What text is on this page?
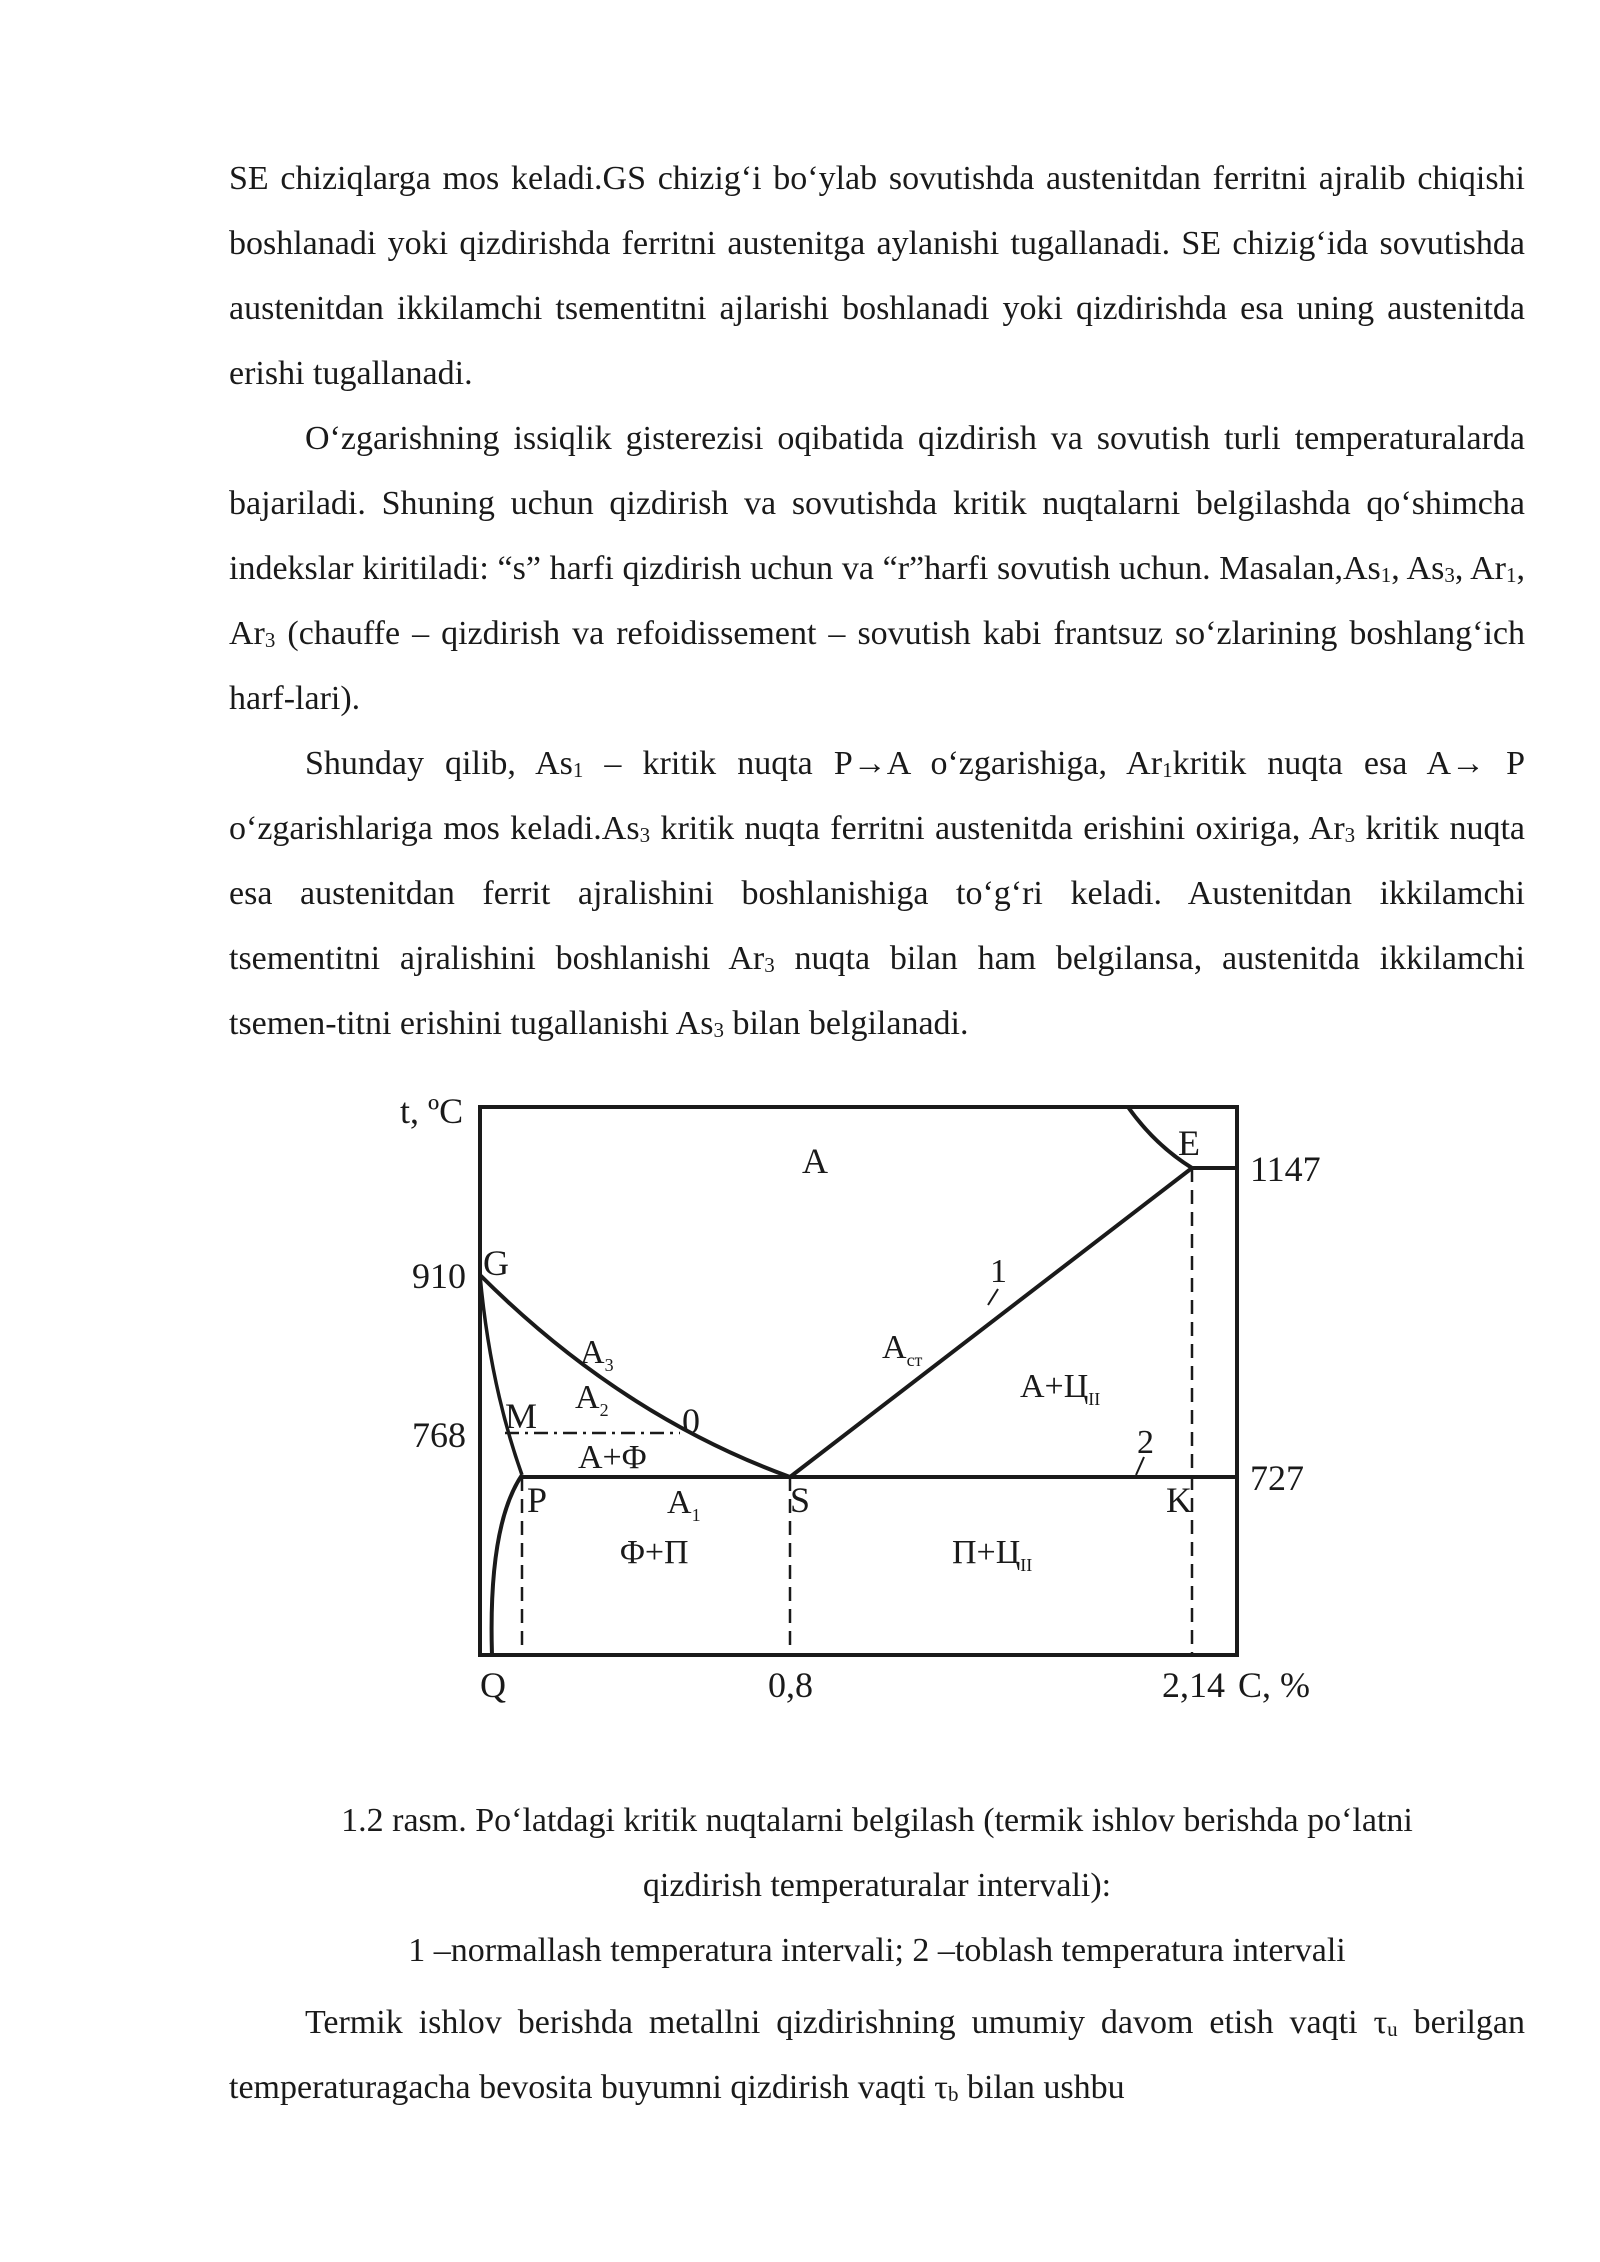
SE chiziqlarga mos keladi.GS chizig‘i bo‘ylab sovutishda austenitdan ferritni ajralib chiqishi boshlanadi yoki qizdirishda ferritni austenitga aylanishi tugallanadi. SE chizig‘ida sovutishda austenitdan ikkilamchi tsementitni ajlarishi boshlanadi yoki qizdirishda esa uning austenitda erishi tugallanadi.

O‘zgarishning issiqlik gisterezisi oqibatida qizdirish va sovutish turli temperaturalarda bajariladi. Shuning uchun qizdirish va sovutishda kritik nuqtalarni belgilashda qo‘shimcha indekslar kiritiladi: “s” harfi qizdirish uchun va “r”harfi sovutish uchun. $Masalan,As_1$, $As_3$, $Ar_1$, $Ar_3$ (chauffe – qizdirish va refoidissement – sovutish kabi frantsuz so‘zlarining boshlang‘ich harf-lari).

Shunday qilib, $As_1$ – kritik nuqta P→A o‘zgarishiga, $Ar_1kritik$ nuqta esa A→ P o‘zgarishlariga mos $keladi.As_3$ kritik nuqta ferritni austenitda erishini oxiriga, $Ar_3$ kritik nuqta esa austenitdan ferrit ajralishini boshlanishiga to‘g‘ri keladi. Austenitdan ikkilamchi tsementitni ajralishini boshlanishi $Ar_3$ nuqta bilan ham belgilansa, austenitda ikkilamchi tsemen-titni erishini tugallanishi $As_3$ bilan belgilanadi.

t, ºC
910
768
727
1147
0,8	2,14 C, %
G
E
M	0
P	S	K
Q
A
A+Φ
Φ+Π
$A+Ц_{II}$
$\Pi+Ц_{II}$
$A_3$
$A_2$
$A_1$
$A_{ст}$
1
2
1.2 rasm. Po‘latdagi kritik nuqtalarni belgilash (termik ishlov berishda po‘latni
qizdirish temperaturalar intervali):
1 –normallash temperatura intervali; 2 –toblash temperatura intervali

Termik ishlov berishda metallni qizdirishning umumiy davom etish vaqti $\tau_u$ berilgan temperaturagacha bevosita buyumni qizdirish vaqti $\tau_b$ bilan ushbu
